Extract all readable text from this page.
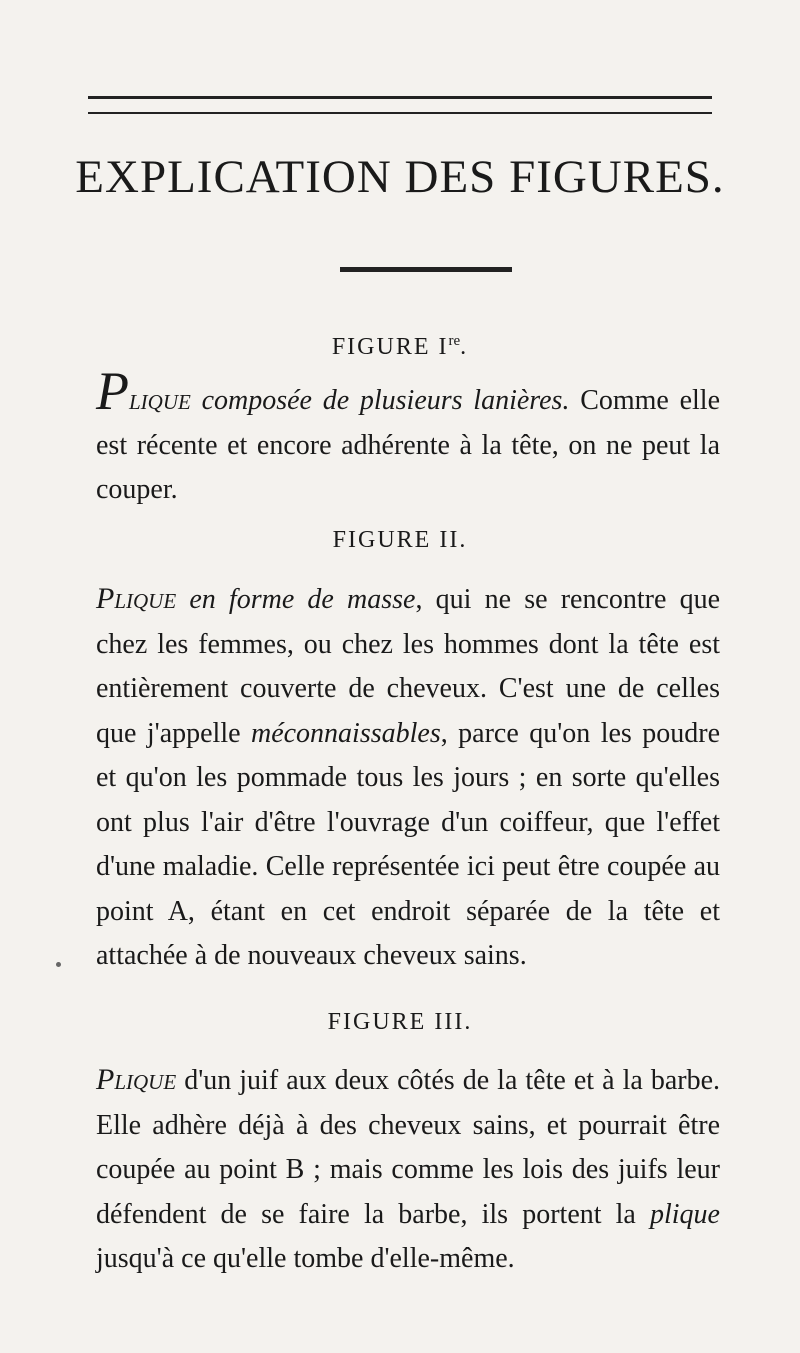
EXPLICATION DES FIGURES.
FIGURE Ire.

Plique composée de plusieurs lanières. Comme elle est récente et encore adhérente à la tête, on ne peut la couper.

FIGURE II.

Plique en forme de masse, qui ne se rencontre que chez les femmes, ou chez les hommes dont la tête est entièrement couverte de cheveux. C'est une de celles que j'appelle méconnaissables, parce qu'on les poudre et qu'on les pommade tous les jours ; en sorte qu'elles ont plus l'air d'être l'ouvrage d'un coiffeur, que l'effet d'une maladie. Celle représentée ici peut être coupée au point A, étant en cet endroit séparée de la tête et attachée à de nouveaux cheveux sains.

FIGURE III.

Plique d'un juif aux deux côtés de la tête et à la barbe. Elle adhère déjà à des cheveux sains, et pourrait être coupée au point B ; mais comme les lois des juifs leur défendent de se faire la barbe, ils portent la plique jusqu'à ce qu'elle tombe d'elle-même.
